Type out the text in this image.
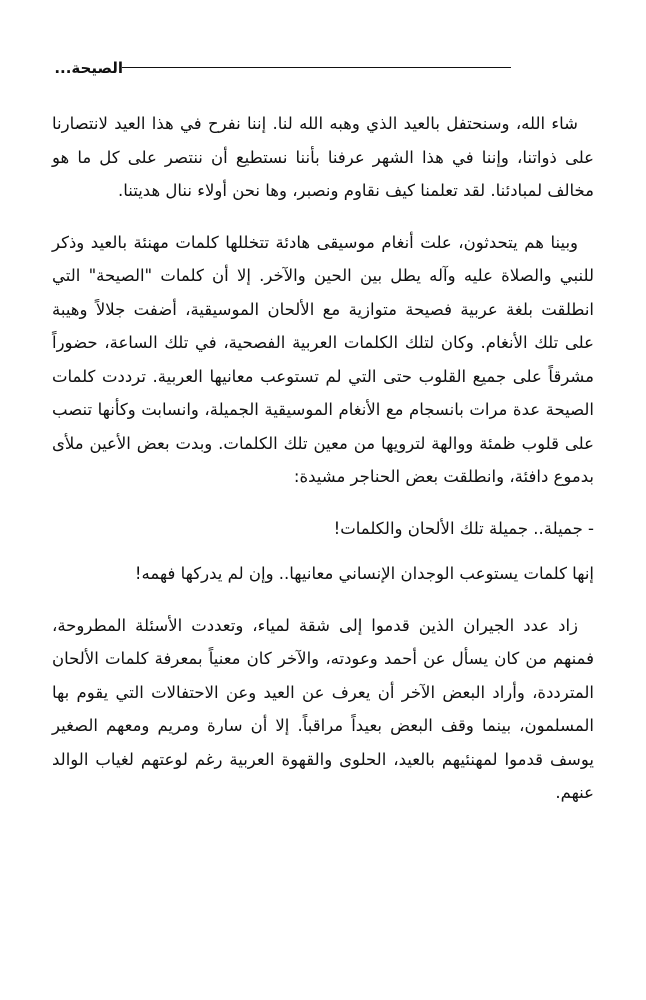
الصيحة...

شاء الله، وسنحتفل بالعيد الذي وهبه الله لنا. إننا نفرح في هذا العيد لانتصارنا على ذواتنا، وإننا في هذا الشهر عرفنا بأننا نستطيع أن ننتصر على كل ما هو مخالف لمبادئنا. لقد تعلمنا كيف نقاوم ونصبر، وها نحن أولاء ننال هديتنا.

وبينا هم يتحدثون، علت أنغام موسيقى هادئة تتخللها كلمات مهنئة بالعيد وذكر للنبي والصلاة عليه وآله يطل بين الحين والآخر. إلا أن كلمات "الصيحة" التي انطلقت بلغة عربية فصيحة متوازية مع الألحان الموسيقية، أضفت جلالاً وهيبة على تلك الأنغام. وكان لتلك الكلمات العربية الفصحية، في تلك الساعة، حضوراً مشرقاً على جميع القلوب حتى التي لم تستوعب معانيها العربية. ترددت كلمات الصيحة عدة مرات بانسجام مع الأنغام الموسيقية الجميلة، وانسابت وكأنها تنصب على قلوب ظمئة ووالهة لترويها من معين تلك الكلمات. وبدت بعض الأعين ملأى بدموع دافئة، وانطلقت بعض الحناجر مشيدة:

- جميلة.. جميلة تلك الألحان والكلمات!

إنها كلمات يستوعب الوجدان الإنساني معانيها.. وإن لم يدركها فهمه!

زاد عدد الجيران الذين قدموا إلى شقة لمياء، وتعددت الأسئلة المطروحة، فمنهم من كان يسأل عن أحمد وعودته، والآخر كان معنياً بمعرفة كلمات الألحان المترددة، وأراد البعض الآخر أن يعرف عن العيد وعن الاحتفالات التي يقوم بها المسلمون، بينما وقف البعض بعيداً مراقباً. إلا أن سارة ومريم ومعهم الصغير يوسف قدموا لمهنئيهم بالعيد، الحلوى والقهوة العربية رغم لوعتهم لغياب الوالد عنهم.
